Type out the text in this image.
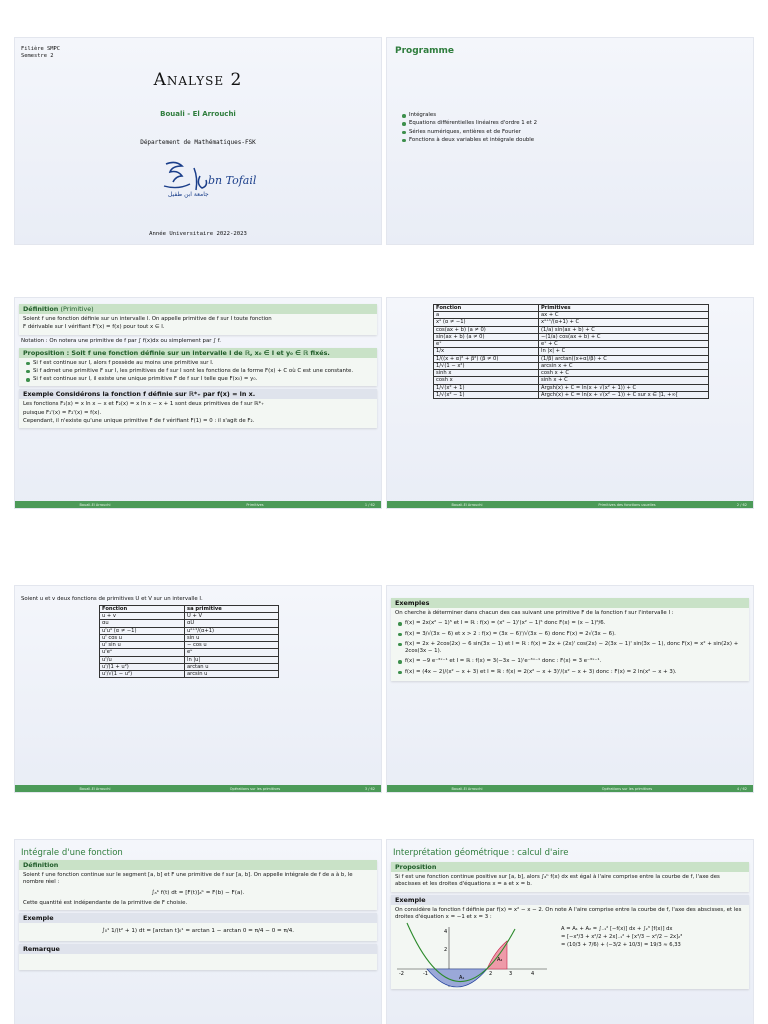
Filière SMPC
Semestre 2
Analyse 2
Bouali - El Arrouchi
Département de Mathématiques-FSK
bn Tofail
جامعة ابن طفيل
Année Universitaire 2022-2023
Programme
Intégrales
Equations différentielles linéaires d'ordre 1 et 2
Séries numériques, entières et de Fourier
Fonctions à deux variables et intégrale double
Définition (Primitive)

Soient f une fonction définie sur un intervalle I. On appelle primitive de f sur I toute fonction

F dérivable sur I vérifiant F'(x) = f(x) pour tout x ∈ I.

Notation : On notera une primitive de f par ∫ f(x)dx ou simplement par ∫ f.
Proposition : Soit f une fonction définie sur un intervalle I de ℝ, x₀ ∈ I et y₀ ∈ ℝ fixés.
Si f est continue sur I, alors f possède au moins une primitive sur I.
Si f admet une primitive F sur I, les primitives de f sur I sont les fonctions de la forme F(x) + C où C est une constante.
Si f est continue sur I, il existe une unique primitive F de f sur I telle que F(x₀) = y₀.
Exemple Considérons la fonction f définie sur ℝ*₊ par f(x) = ln x.

Les fonctions F₁(x) = x ln x − x et F₂(x) = x ln x − x + 1 sont deux primitives de f sur ℝ*₊

puisque F₁'(x) = F₂'(x) = f(x).

Cependant, il n'existe qu'une unique primitive F de f vérifiant F(1) = 0 : il s'agit de F₂.

Bouali-El Arrouchi	Primitives	1 / 62
Fonction	Primitives
a	ax + C
xᵅ (α ≠ −1)	xᵅ⁺¹/(α+1) + C
cos(ax + b) (a ≠ 0)	(1/a) sin(ax + b) + C
sin(ax + b) (a ≠ 0)	−(1/a) cos(ax + b) + C
eˣ	eˣ + C
1/x	ln |x| + C
1/((x + α)² + β²) (β ≠ 0)	(1/β) arctan((x+α)/β) + C
1/√(1 − x²)	arcsin x + C
sinh x	cosh x + C
cosh x	sinh x + C
1/√(x² + 1)	Argsh(x) + C = ln(x + √(x² + 1)) + C
1/√(x² − 1)	Argch(x) + C = ln(x + √(x² − 1)) + C sur x ∈ ]1, +∞[
Bouali-El Arrouchi	Primitives des fonctions usuelles	2 / 62
Soient u et v deux fonctions de primitives U et V sur un intervalle I.
Fonction	sa primitive
u + v	U + V
αu	αU
u'uᵅ (α ≠ −1)	uᵅ⁺¹/(α+1)
u' cos u	sin u
u' sin u	− cos u
u'eᵘ	eᵘ
u'/u	ln |u|
u'/(1 + u²)	arctan u
u'/√(1 − u²)	arcsin u
Bouali-El Arrouchi	Opérations sur les primitives	3 / 62
Exemples

On cherche à déterminer dans chacun des cas suivant une primitive F de la fonction f sur l'intervalle I :

f(x) = 2x(x² − 1)⁵ et I = ℝ : f(x) = (x² − 1)'(x² − 1)⁵ donc F(x) = (x − 1)⁶/6.
f(x) = 3/√(3x − 6) et x > 2 : f(x) = (3x − 6)'/√(3x − 6) donc F(x) = 2√(3x − 6).
f(x) = 2x + 2cos(2x) − 6 sin(3x − 1) et I = ℝ : f(x) = 2x + (2x)' cos(2x) − 2(3x − 1)' sin(3x − 1), donc F(x) = x² + sin(2x) + 2cos(3x − 1).
f(x) = −9 e⁻³ˣ⁻¹ et I = ℝ : f(x) = 3(−3x − 1)'e⁻³ˣ⁻¹ donc : F(x) = 3 e⁻³ˣ⁻¹.
f(x) = (4x − 2)/(x² − x + 3) et I = ℝ : f(x) = 2(x² − x + 3)'/(x² − x + 3) donc : F(x) = 2 ln(x² − x + 3).
Bouali-El Arrouchi	Opérations sur les primitives	4 / 62
Intégrale d'une fonction
Définition

Soient f une fonction continue sur le segment [a, b] et F une primitive de f sur [a, b]. On appelle intégrale de f de a à b, le nombre réel :

∫ₐᵇ f(t) dt = [F(t)]ₐᵇ = F(b) − F(a).

Cette quantité est indépendante de la primitive de F choisie.

Exemple
∫₀¹ 1/(t² + 1) dt = [arctan t]₀¹ = arctan 1 − arctan 0 = π/4 − 0 = π/4.
Remarque
Interprétation géométrique : calcul d'aire
Proposition

Si f est une fonction continue positive sur [a, b], alors ∫ₐᵇ f(x) dx est égal à l'aire comprise entre la courbe de f, l'axe des abscisses et les droites d'équations x = a et x = b.

Exemple

On considère la fonction f définie par f(x) = x² − x − 2. On note A l'aire comprise entre la courbe de f, l'axe des abscisses, et les droites d'équation x = −1 et x = 3 :

4
2
-2	-1	2	3	4
A₁
A₂
A = A₁ + A₂ = ∫₋₁² [−f(x)] dx + ∫₂³ [f(x)] dx
= [−x³/3 + x²/2 + 2x]₋₁² + [x³/3 − x²/2 − 2x]₂³
= (10/3 + 7/6) + (−3/2 + 10/3) = 19/3 ≈ 6,33
